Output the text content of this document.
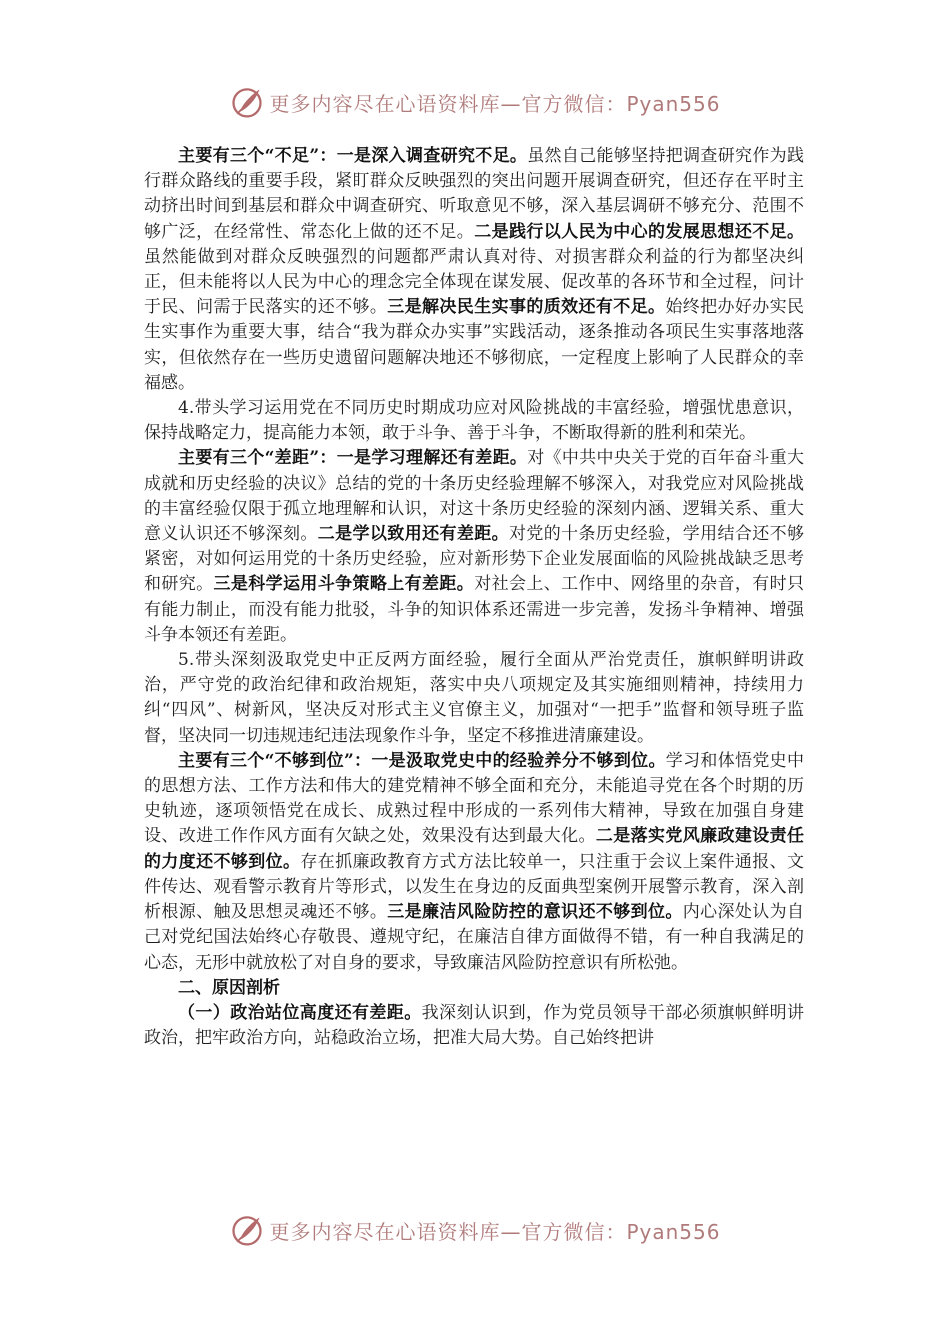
更多内容尽在心语资料库—官方微信：Pyan556

主要有三个“不足”：一是深入调查研究不足。虽然自己能够坚持把调查研究作为践行群众路线的重要手段，紧盯群众反映强烈的突出问题开展调查研究，但还存在平时主动挤出时间到基层和群众中调查研究、听取意见不够，深入基层调研不够充分、范围不够广泛，在经常性、常态化上做的还不足。二是践行以人民为中心的发展思想还不足。虽然能做到对群众反映强烈的问题都严肃认真对待、对损害群众利益的行为都坚决纠正，但未能将以人民为中心的理念完全体现在谋发展、促改革的各环节和全过程，问计于民、问需于民落实的还不够。三是解决民生实事的质效还有不足。始终把办好办实民生实事作为重要大事，结合“我为群众办实事”实践活动，逐条推动各项民生实事落地落实，但依然存在一些历史遗留问题解决地还不够彻底，一定程度上影响了人民群众的幸福感。

4.带头学习运用党在不同历史时期成功应对风险挑战的丰富经验，增强忧患意识，保持战略定力，提高能力本领，敢于斗争、善于斗争，不断取得新的胜利和荣光。

主要有三个“差距”：一是学习理解还有差距。对《中共中央关于党的百年奋斗重大成就和历史经验的决议》总结的党的十条历史经验理解不够深入，对我党应对风险挑战的丰富经验仅限于孤立地理解和认识，对这十条历史经验的深刻内涵、逻辑关系、重大意义认识还不够深刻。二是学以致用还有差距。对党的十条历史经验，学用结合还不够紧密，对如何运用党的十条历史经验，应对新形势下企业发展面临的风险挑战缺乏思考和研究。三是科学运用斗争策略上有差距。对社会上、工作中、网络里的杂音，有时只有能力制止，而没有能力批驳，斗争的知识体系还需进一步完善，发扬斗争精神、增强斗争本领还有差距。

5.带头深刻汲取党史中正反两方面经验，履行全面从严治党责任，旗帜鲜明讲政治，严守党的政治纪律和政治规矩，落实中央八项规定及其实施细则精神，持续用力纠“四风”、树新风，坚决反对形式主义官僚主义，加强对“一把手”监督和领导班子监督，坚决同一切违规违纪违法现象作斗争，坚定不移推进清廉建设。

主要有三个“不够到位”：一是汲取党史中的经验养分不够到位。学习和体悟党史中的思想方法、工作方法和伟大的建党精神不够全面和充分，未能追寻党在各个时期的历史轨迹，逐项领悟党在成长、成熟过程中形成的一系列伟大精神，导致在加强自身建设、改进工作作风方面有欠缺之处，效果没有达到最大化。二是落实党风廉政建设责任的力度还不够到位。存在抓廉政教育方式方法比较单一，只注重于会议上案件通报、文件传达、观看警示教育片等形式，以发生在身边的反面典型案例开展警示教育，深入剖析根源、触及思想灵魂还不够。三是廉洁风险防控的意识还不够到位。内心深处认为自己对党纪国法始终心存敬畏、遵规守纪，在廉洁自律方面做得不错，有一种自我满足的心态，无形中就放松了对自身的要求，导致廉洁风险防控意识有所松弛。

二、原因剖析

（一）政治站位高度还有差距。我深刻认识到，作为党员领导干部必须旗帜鲜明讲政治，把牢政治方向，站稳政治立场，把准大局大势。自己始终把讲

更多内容尽在心语资料库—官方微信：Pyan556
